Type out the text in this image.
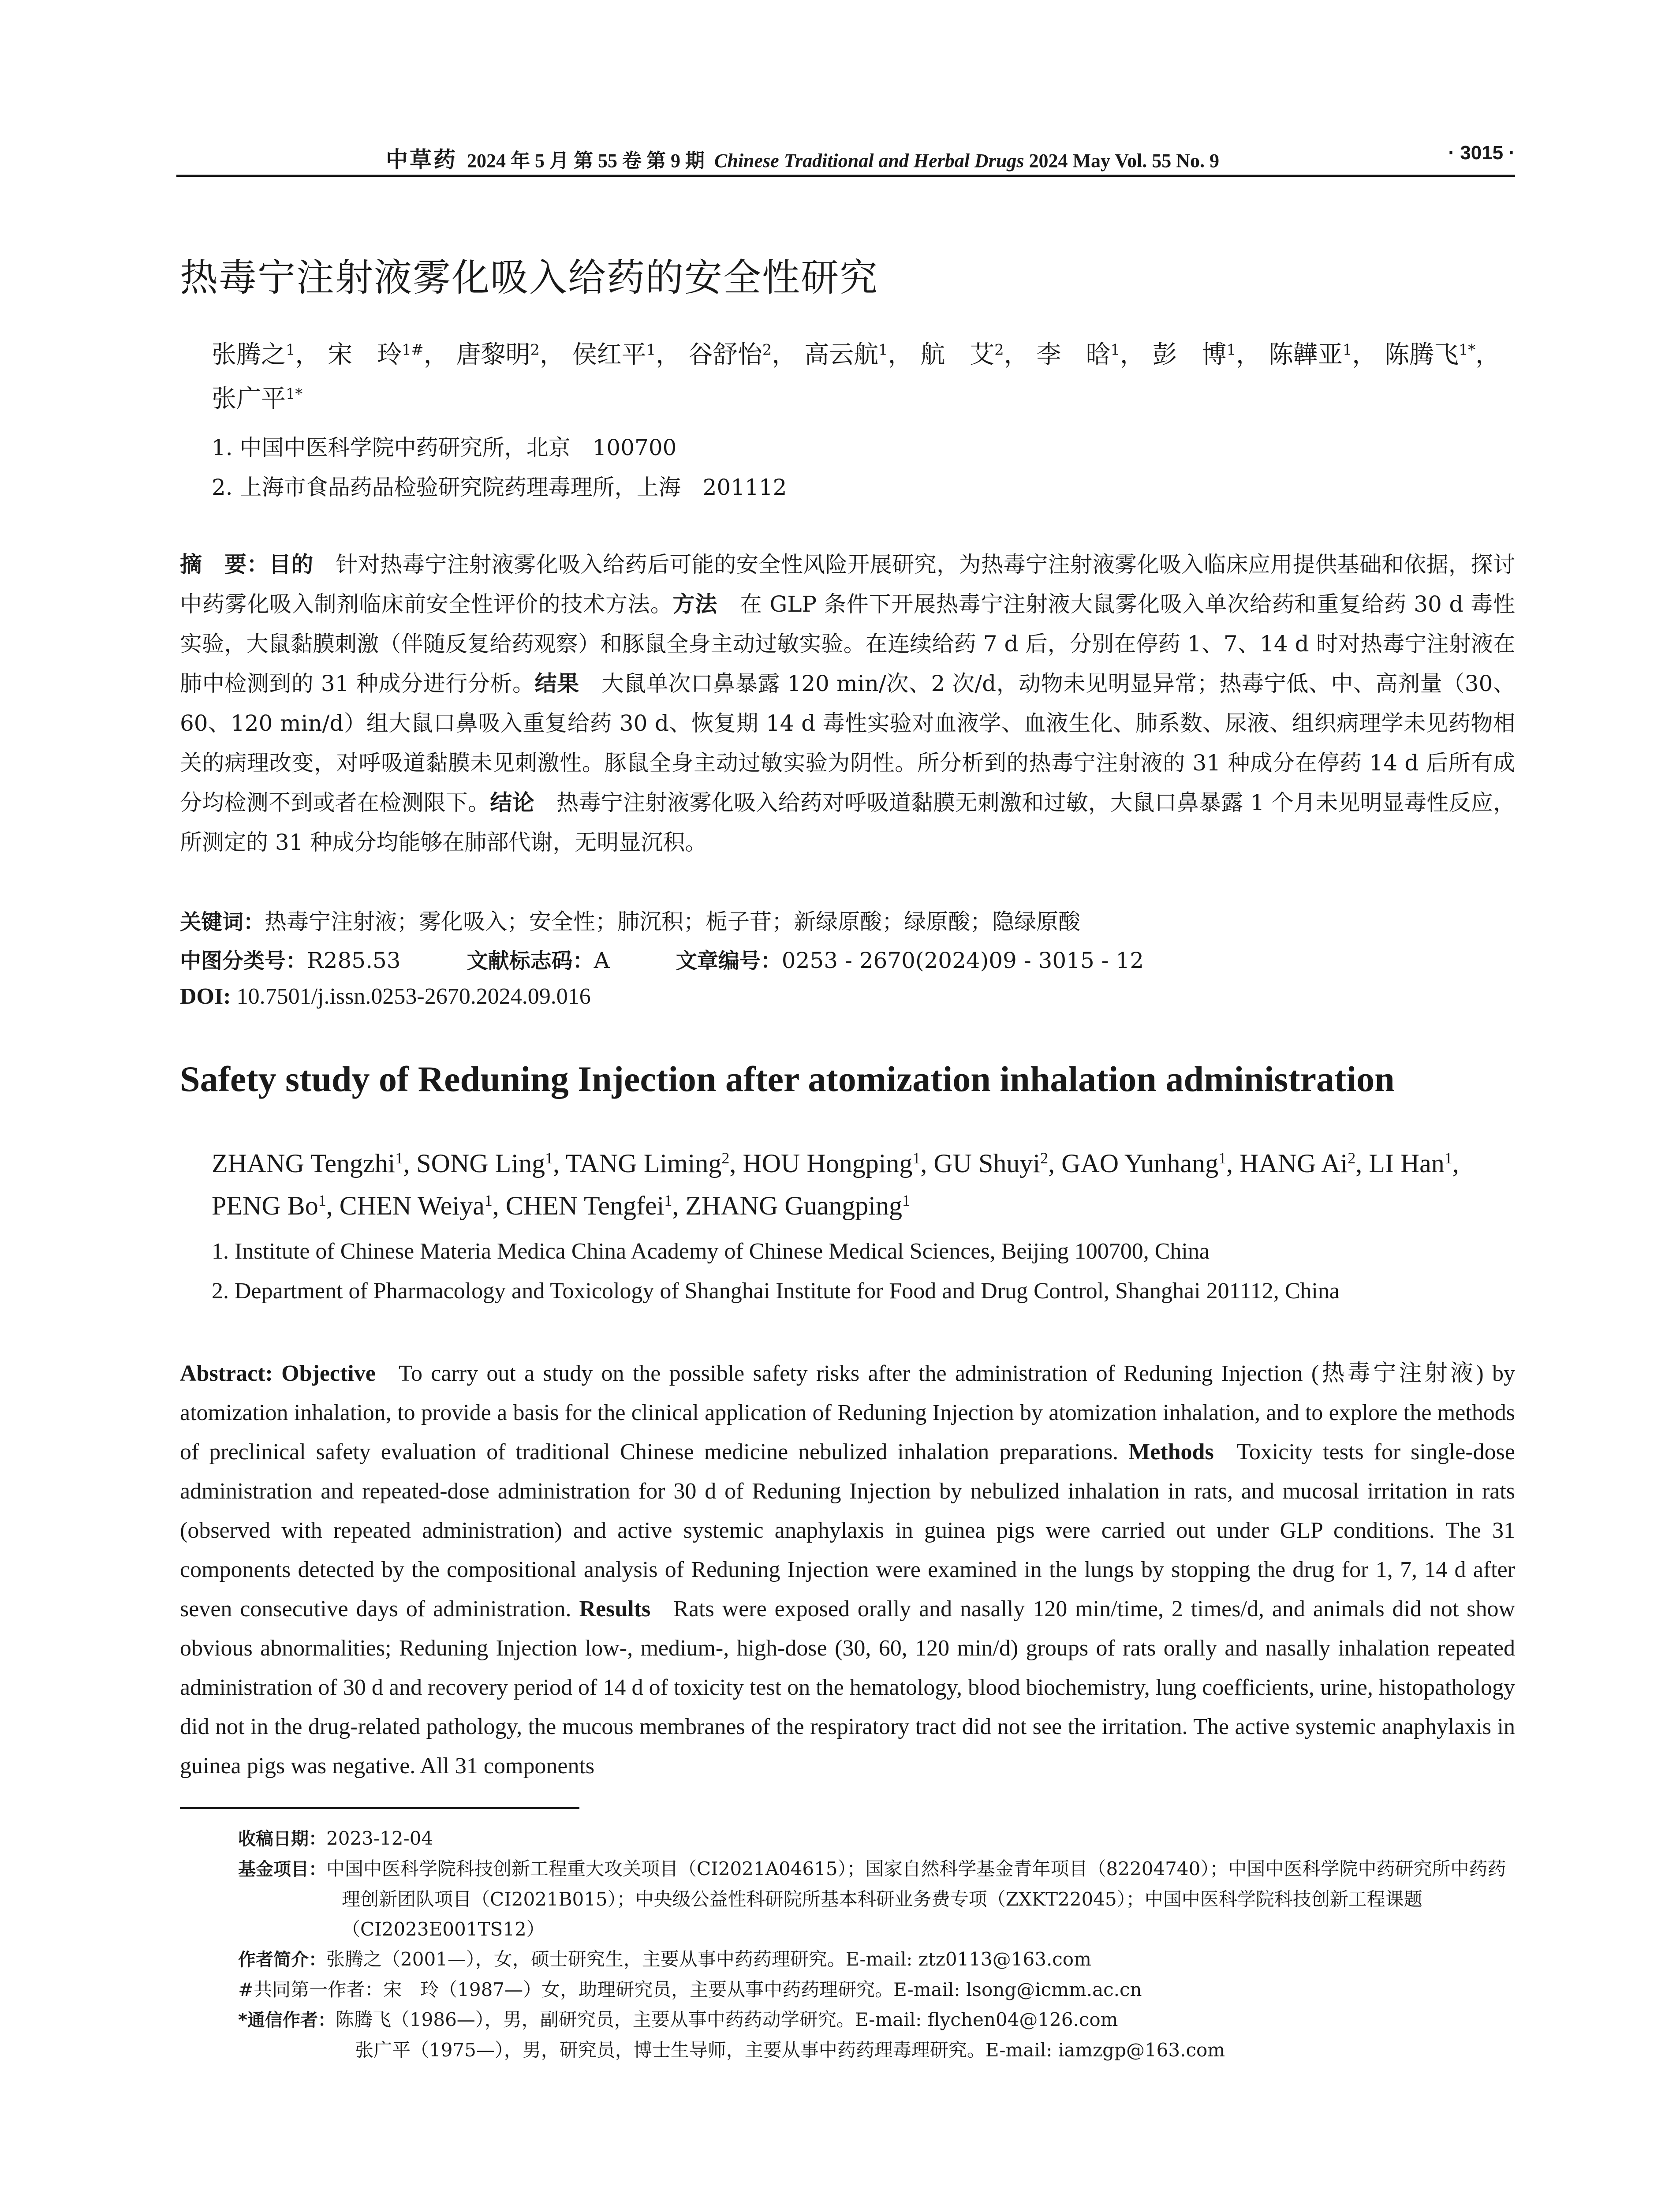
中草药 2024 年 5 月 第 55 卷 第 9 期 Chinese Traditional and Herbal Drugs 2024 May Vol. 55 No. 9	· 3015 ·
热毒宁注射液雾化吸入给药的安全性研究
张腾之$^1$， 宋　玲$^{1\#}$， 唐黎明$^2$， 侯红平$^1$， 谷舒怡$^2$， 高云航$^1$， 航　艾$^2$， 李　晗$^1$， 彭　博$^1$， 陈韡亚$^1$， 陈腾飞$^{1*}$， 张广平$^{1*}$
1. 中国中医科学院中药研究所，北京　100700
2. 上海市食品药品检验研究院药理毒理所，上海　201112
摘　要：目的  针对热毒宁注射液雾化吸入给药后可能的安全性风险开展研究，为热毒宁注射液雾化吸入临床应用提供基础和依据，探讨中药雾化吸入制剂临床前安全性评价的技术方法。方法  在 GLP 条件下开展热毒宁注射液大鼠雾化吸入单次给药和重复给药 30 d 毒性实验，大鼠黏膜刺激（伴随反复给药观察）和豚鼠全身主动过敏实验。在连续给药 7 d 后，分别在停药 1、7、14 d 时对热毒宁注射液在肺中检测到的 31 种成分进行分析。结果  大鼠单次口鼻暴露 120 min/次、2 次/d，动物未见明显异常；热毒宁低、中、高剂量（30、60、120 min/d）组大鼠口鼻吸入重复给药 30 d、恢复期 14 d 毒性实验对血液学、血液生化、肺系数、尿液、组织病理学未见药物相关的病理改变，对呼吸道黏膜未见刺激性。豚鼠全身主动过敏实验为阴性。所分析到的热毒宁注射液的 31 种成分在停药 14 d 后所有成分均检测不到或者在检测限下。结论  热毒宁注射液雾化吸入给药对呼吸道黏膜无刺激和过敏，大鼠口鼻暴露 1 个月未见明显毒性反应，所测定的 31 种成分均能够在肺部代谢，无明显沉积。
关键词：热毒宁注射液；雾化吸入；安全性；肺沉积；栀子苷；新绿原酸；绿原酸；隐绿原酸
中图分类号：R285.53	文献标志码：A	文章编号：0253 - 2670(2024)09 - 3015 - 12
DOI: 10.7501/j.issn.0253-2670.2024.09.016
Safety study of Reduning Injection after atomization inhalation administration
ZHANG Tengzhi$^1$, SONG Ling$^1$, TANG Liming$^2$, HOU Hongping$^1$, GU Shuyi$^2$, GAO Yunhang$^1$, HANG Ai$^2$, LI Han$^1$, PENG Bo$^1$, CHEN Weiya$^1$, CHEN Tengfei$^1$, ZHANG Guangping$^1$
1. Institute of Chinese Materia Medica China Academy of Chinese Medical Sciences, Beijing 100700, China
2. Department of Pharmacology and Toxicology of Shanghai Institute for Food and Drug Control, Shanghai 201112, China
Abstract: Objective  To carry out a study on the possible safety risks after the administration of Reduning Injection (热毒宁注射液) by atomization inhalation, to provide a basis for the clinical application of Reduning Injection by atomization inhalation, and to explore the methods of preclinical safety evaluation of traditional Chinese medicine nebulized inhalation preparations. Methods  Toxicity tests for single-dose administration and repeated-dose administration for 30 d of Reduning Injection by nebulized inhalation in rats, and mucosal irritation in rats (observed with repeated administration) and active systemic anaphylaxis in guinea pigs were carried out under GLP conditions. The 31 components detected by the compositional analysis of Reduning Injection were examined in the lungs by stopping the drug for 1, 7, 14 d after seven consecutive days of administration. Results  Rats were exposed orally and nasally 120 min/time, 2 times/d, and animals did not show obvious abnormalities; Reduning Injection low-, medium-, high-dose (30, 60, 120 min/d) groups of rats orally and nasally inhalation repeated administration of 30 d and recovery period of 14 d of toxicity test on the hematology, blood biochemistry, lung coefficients, urine, histopathology did not in the drug-related pathology, the mucous membranes of the respiratory tract did not see the irritation. The active systemic anaphylaxis in guinea pigs was negative. All 31 components
收稿日期：2023-12-04
基金项目：中国中医科学院科技创新工程重大攻关项目（CI2021A04615）；国家自然科学基金青年项目（82204740）；中国中医科学院中药研究所中药药理创新团队项目（CI2021B015）；中央级公益性科研院所基本科研业务费专项（ZXKT22045）；中国中医科学院科技创新工程课题（CI2023E001TS12）
作者简介：张腾之（2001—），女，硕士研究生，主要从事中药药理研究。E-mail: ztz0113@163.com
#共同第一作者：宋　玲（1987—）女，助理研究员，主要从事中药药理研究。E-mail: lsong@icmm.ac.cn
*通信作者：陈腾飞（1986—），男，副研究员，主要从事中药药动学研究。E-mail: flychen04@126.com
张广平（1975—），男，研究员，博士生导师，主要从事中药药理毒理研究。E-mail: iamzgp@163.com
